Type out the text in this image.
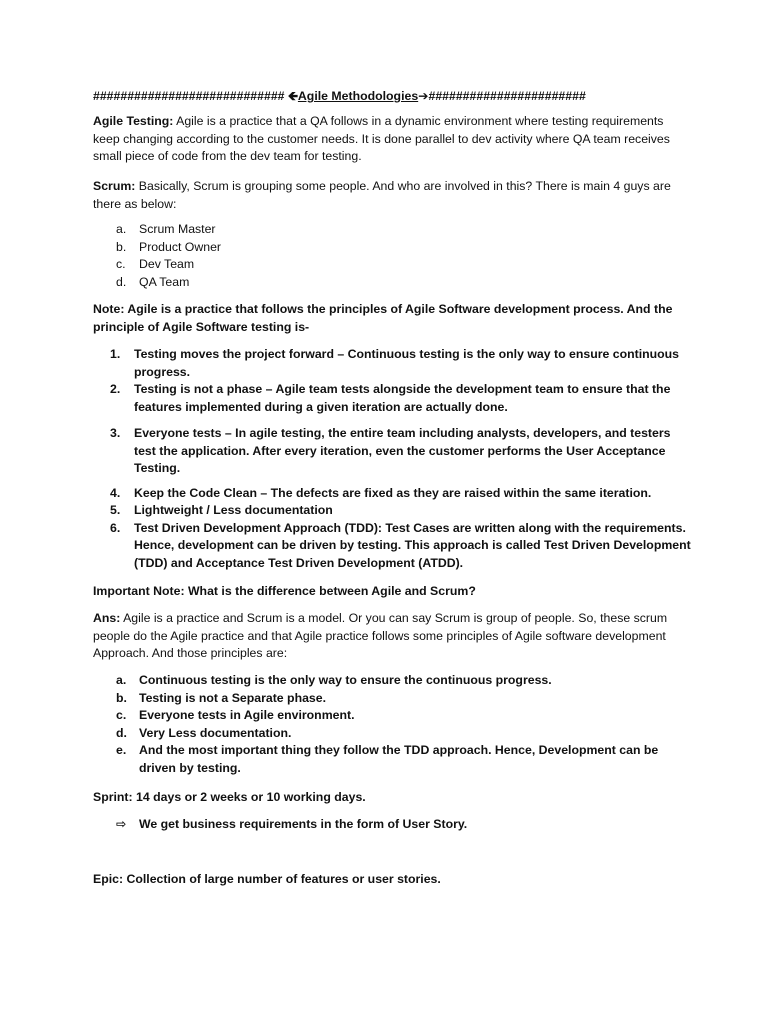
############################ 🡸Agile Methodologies➔#######################
Agile Testing: Agile is a practice that a QA follows in a dynamic environment where testing requirements keep changing according to the customer needs. It is done parallel to dev activity where QA team receives small piece of code from the dev team for testing.
Scrum: Basically, Scrum is grouping some people. And who are involved in this? There is main 4 guys are there as below:
a. Scrum Master
b. Product Owner
c. Dev Team
d. QA Team
Note: Agile is a practice that follows the principles of Agile Software development process. And the principle of Agile Software testing is-
1. Testing moves the project forward – Continuous testing is the only way to ensure continuous progress.
2. Testing is not a phase – Agile team tests alongside the development team to ensure that the features implemented during a given iteration are actually done.
3. Everyone tests – In agile testing, the entire team including analysts, developers, and testers test the application. After every iteration, even the customer performs the User Acceptance Testing.
4. Keep the Code Clean – The defects are fixed as they are raised within the same iteration.
5. Lightweight / Less documentation
6. Test Driven Development Approach (TDD): Test Cases are written along with the requirements. Hence, development can be driven by testing. This approach is called Test Driven Development (TDD) and Acceptance Test Driven Development (ATDD).
Important Note: What is the difference between Agile and Scrum?
Ans: Agile is a practice and Scrum is a model. Or you can say Scrum is group of people. So, these scrum people do the Agile practice and that Agile practice follows some principles of Agile software development Approach. And those principles are:
a. Continuous testing is the only way to ensure the continuous progress.
b. Testing is not a Separate phase.
c. Everyone tests in Agile environment.
d. Very Less documentation.
e. And the most important thing they follow the TDD approach. Hence, Development can be driven by testing.
Sprint: 14 days or 2 weeks or 10 working days.
⇨ We get business requirements in the form of User Story.
Epic: Collection of large number of features or user stories.
